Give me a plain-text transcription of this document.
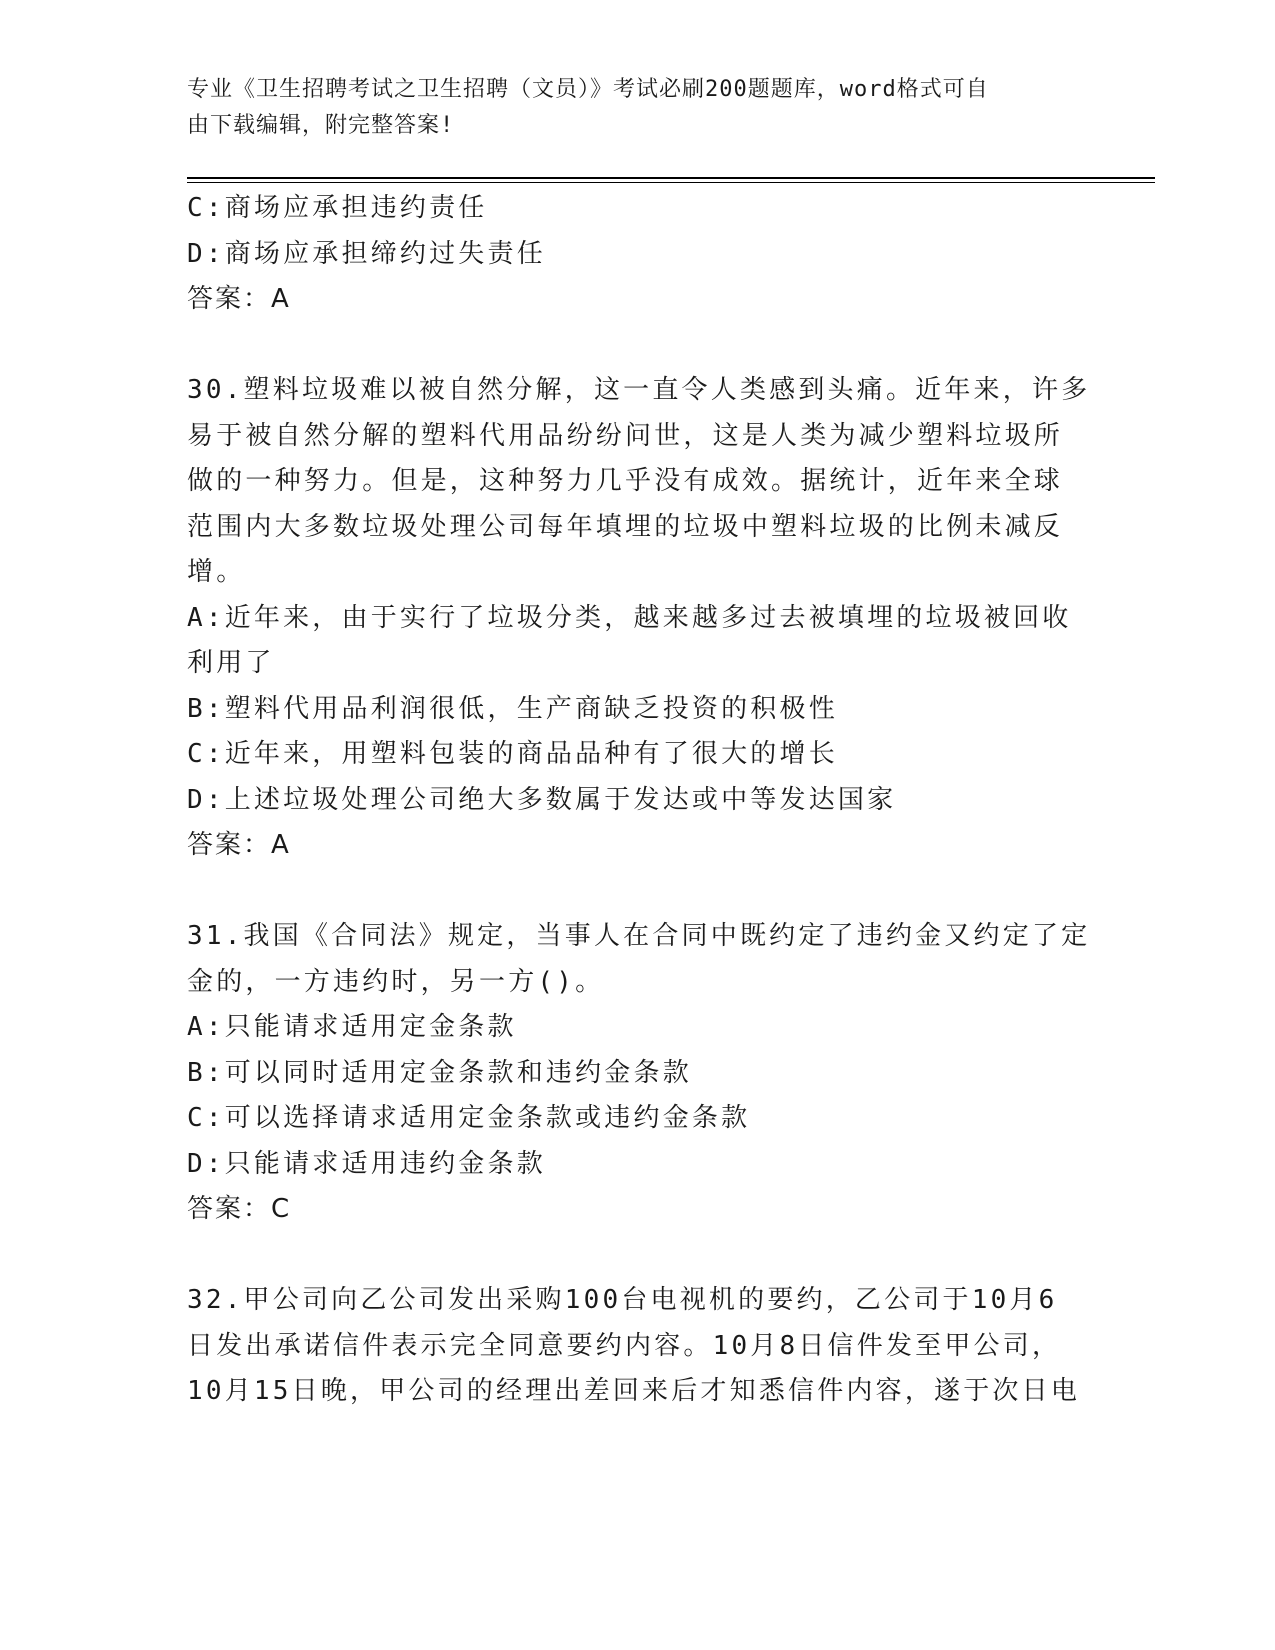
专业《卫生招聘考试之卫生招聘（文员）》考试必刷200题题库，word格式可自
由下载编辑，附完整答案!
C:商场应承担违约责任
D:商场应承担缔约过失责任
答案：A
30.塑料垃圾难以被自然分解，这一直令人类感到头痛。近年来，许多
易于被自然分解的塑料代用品纷纷问世，这是人类为减少塑料垃圾所
做的一种努力。但是，这种努力几乎没有成效。据统计，近年来全球
范围内大多数垃圾处理公司每年填埋的垃圾中塑料垃圾的比例未减反
增。
A:近年来，由于实行了垃圾分类，越来越多过去被填埋的垃圾被回收
利用了
B:塑料代用品利润很低，生产商缺乏投资的积极性
C:近年来，用塑料包装的商品品种有了很大的增长
D:上述垃圾处理公司绝大多数属于发达或中等发达国家
答案：A
31.我国《合同法》规定，当事人在合同中既约定了违约金又约定了定
金的，一方违约时，另一方()。
A:只能请求适用定金条款
B:可以同时适用定金条款和违约金条款
C:可以选择请求适用定金条款或违约金条款
D:只能请求适用违约金条款
答案：C
32.甲公司向乙公司发出采购100台电视机的要约，乙公司于10月6
日发出承诺信件表示完全同意要约内容。10月8日信件发至甲公司，
10月15日晚，甲公司的经理出差回来后才知悉信件内容，遂于次日电
